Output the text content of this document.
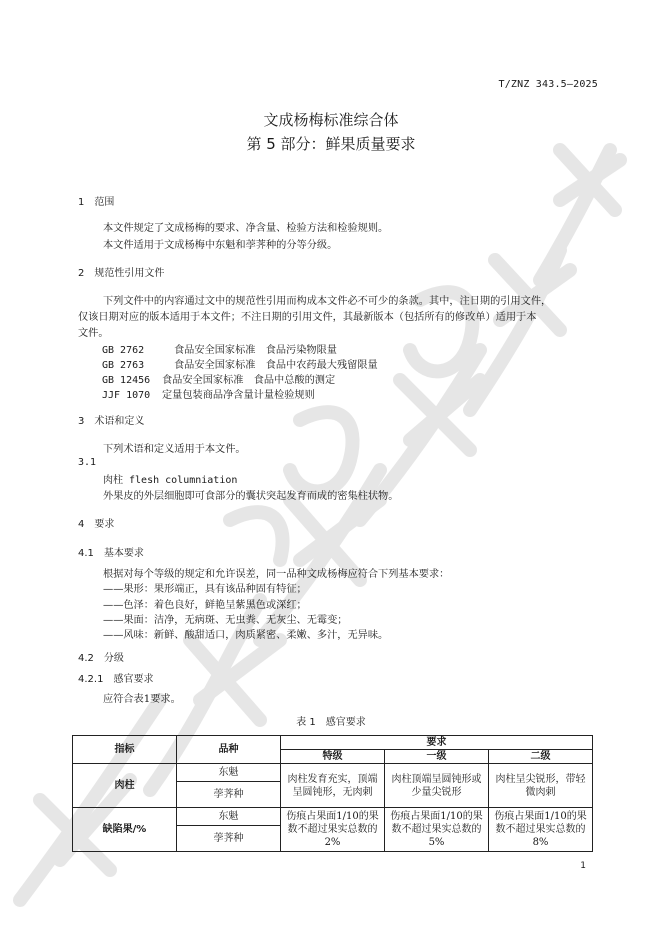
T/ZNZ 343.5—2025
文成杨梅标准综合体
第 5 部分：鲜果质量要求
1　范围
本文件规定了文成杨梅的要求、净含量、检验方法和检验规则。
本文件适用于文成杨梅中东魁和荸荠种的分等分级。
2　规范性引用文件
下列文件中的内容通过文中的规范性引用而构成本文件必不可少的条款。其中，注日期的引用文件，
仅该日期对应的版本适用于本文件；不注日期的引用文件，其最新版本（包括所有的修改单）适用于本
文件。
GB 2762	食品安全国家标准　食品污染物限量
GB 2763	食品安全国家标准　食品中农药最大残留限量
GB 12456 食品安全国家标准　食品中总酸的测定
JJF 1070 定量包装商品净含量计量检验规则
3　术语和定义
下列术语和定义适用于本文件。
3.1
肉柱 flesh columniation
外果皮的外层细胞即可食部分的囊状突起发育而成的密集柱状物。
4　要求
4.1　基本要求
根据对每个等级的规定和允许误差，同一品种文成杨梅应符合下列基本要求：
——果形：果形端正，具有该品种固有特征；
——色泽：着色良好，鲜艳呈紫黑色或深红；
——果面：洁净，无病斑、无虫粪、无灰尘、无霉变；
——风味：新鲜、酸甜适口，肉质紧密、柔嫩、多汁，无异味。
4.2　分级
4.2.1　感官要求
应符合表1要求。
表 1　感官要求
指标	品种	要求		
		特级	一级	二级
肉柱	东魁	肉柱发育充实，顶端呈圆钝形，无肉刺	肉柱顶端呈圆钝形或少量尖锐形	肉柱呈尖锐形，带轻微肉刺
	荸荠种			
缺陷果/%	东魁	伤痕占果面1/10的果数不超过果实总数的2%	伤痕占果面1/10的果数不超过果实总数的5%	伤痕占果面1/10的果数不超过果实总数的8%
	荸荠种			
1
